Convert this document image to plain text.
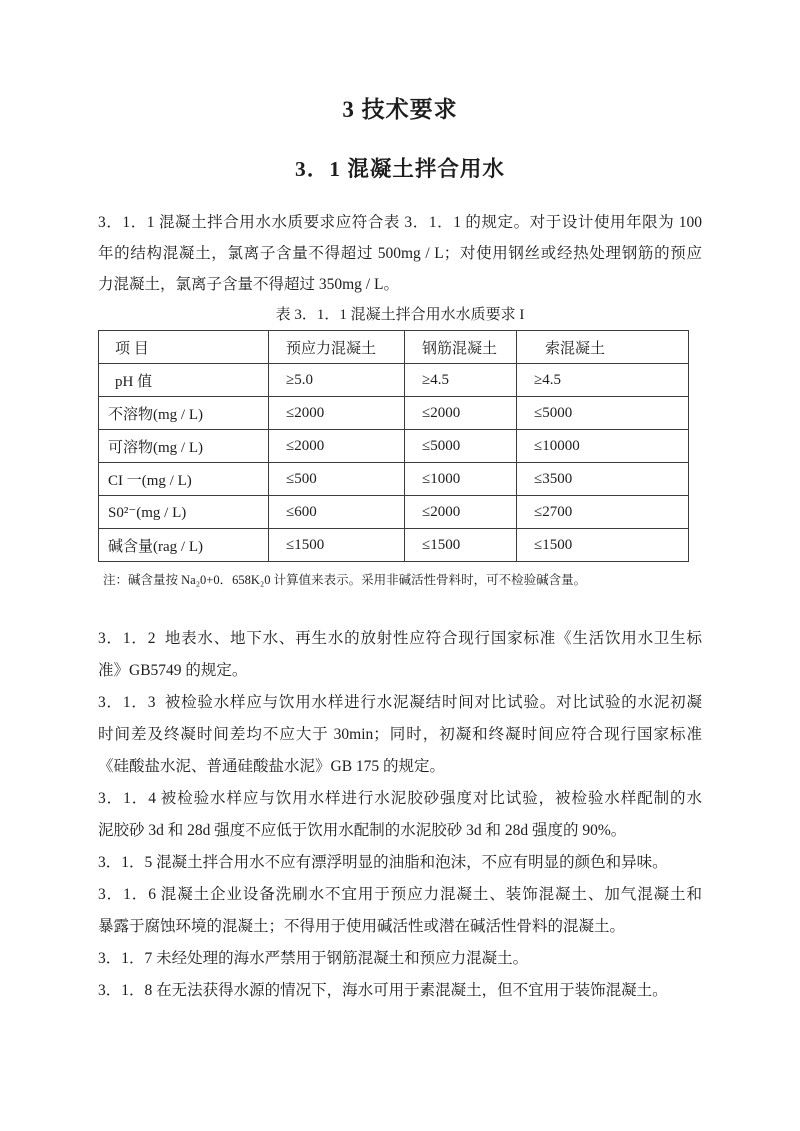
3 技术要求
3．1 混凝土拌合用水
3．1．1 混凝土拌合用水水质要求应符合表 3．1．1 的规定。对于设计使用年限为 100
年的结构混凝土，氯离子含量不得超过 500mg / L；对使用钢丝或经热处理钢筋的预应
力混凝土，氯离子含量不得超过 350mg / L。
表 3．1．1 混凝土拌合用水水质要求 I
项 目	预应力混凝土	钢筋混凝土	索混凝土
pH 值	≥5.0	≥4.5	≥4.5
不溶物(mg / L)	≤2000	≤2000	≤5000
可溶物(mg / L)	≤2000	≤5000	≤10000
CI 一(mg / L)	≤500	≤1000	≤3500
S0²⁻(mg / L)	≤600	≤2000	≤2700
碱含量(rag / L)	≤1500	≤1500	≤1500
注：碱含量按 Na₂0+0．658K₂0 计算值来表示。采用非碱活性骨料时，可不检验碱含量。
3．1．2  地表水、地下水、再生水的放射性应符合现行国家标准《生活饮用水卫生标
准》GB5749 的规定。
3．1．3  被检验水样应与饮用水样进行水泥凝结时间对比试验。对比试验的水泥初凝
时间差及终凝时间差均不应大于 30min；同时，初凝和终凝时间应符合现行国家标准
《硅酸盐水泥、普通硅酸盐水泥》GB 175 的规定。
3．1．4 被检验水样应与饮用水样进行水泥胶砂强度对比试验，被检验水样配制的水
泥胶砂 3d 和 28d 强度不应低于饮用水配制的水泥胶砂 3d 和 28d 强度的 90%。
3．1．5 混凝土拌合用水不应有漂浮明显的油脂和泡沫，不应有明显的颜色和异味。
3．1．6 混凝土企业设备洗刷水不宜用于预应力混凝土、装饰混凝土、加气混凝土和
暴露于腐蚀环境的混凝土；不得用于使用碱活性或潜在碱活性骨料的混凝土。
3．1．7 未经处理的海水严禁用于钢筋混凝土和预应力混凝土。
3．1．8 在无法获得水源的情况下，海水可用于素混凝土，但不宜用于装饰混凝土。
